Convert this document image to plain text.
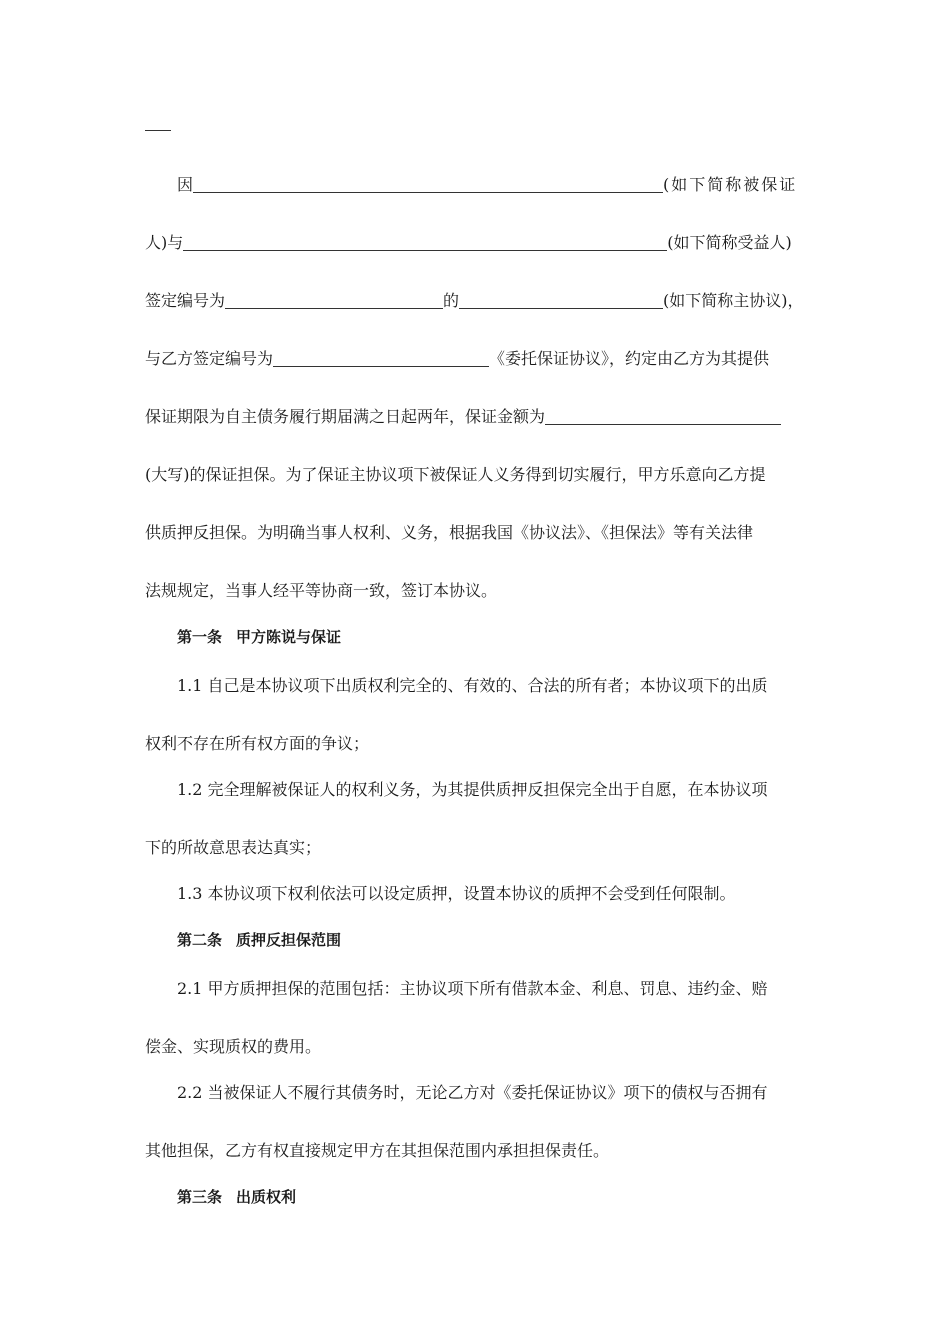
因	(如下简称被保证
人)与	(如下简称受益人)
签定编号为	的	(如下简称主协议)，
与乙方签定编号为	《委托保证协议》，约定由乙方为其提供
保证期限为自主债务履行期届满之日起两年，保证金额为
(大写)的保证担保。为了保证主协议项下被保证人义务得到切实履行，甲方乐意向乙方提
供质押反担保。为明确当事人权利、义务，根据我国《协议法》、《担保法》等有关法律
法规规定，当事人经平等协商一致，签订本协议。
第一条 甲方陈说与保证
1.1 自己是本协议项下出质权利完全的、有效的、合法的所有者；本协议项下的出质
权利不存在所有权方面的争议；
1.2 完全理解被保证人的权利义务，为其提供质押反担保完全出于自愿，在本协议项
下的所故意思表达真实；
1.3 本协议项下权利依法可以设定质押，设置本协议的质押不会受到任何限制。
第二条 质押反担保范围
2.1 甲方质押担保的范围包括：主协议项下所有借款本金、利息、罚息、违约金、赔
偿金、实现质权的费用。
2.2 当被保证人不履行其债务时，无论乙方对《委托保证协议》项下的债权与否拥有
其他担保，乙方有权直接规定甲方在其担保范围内承担担保责任。
第三条 出质权利
